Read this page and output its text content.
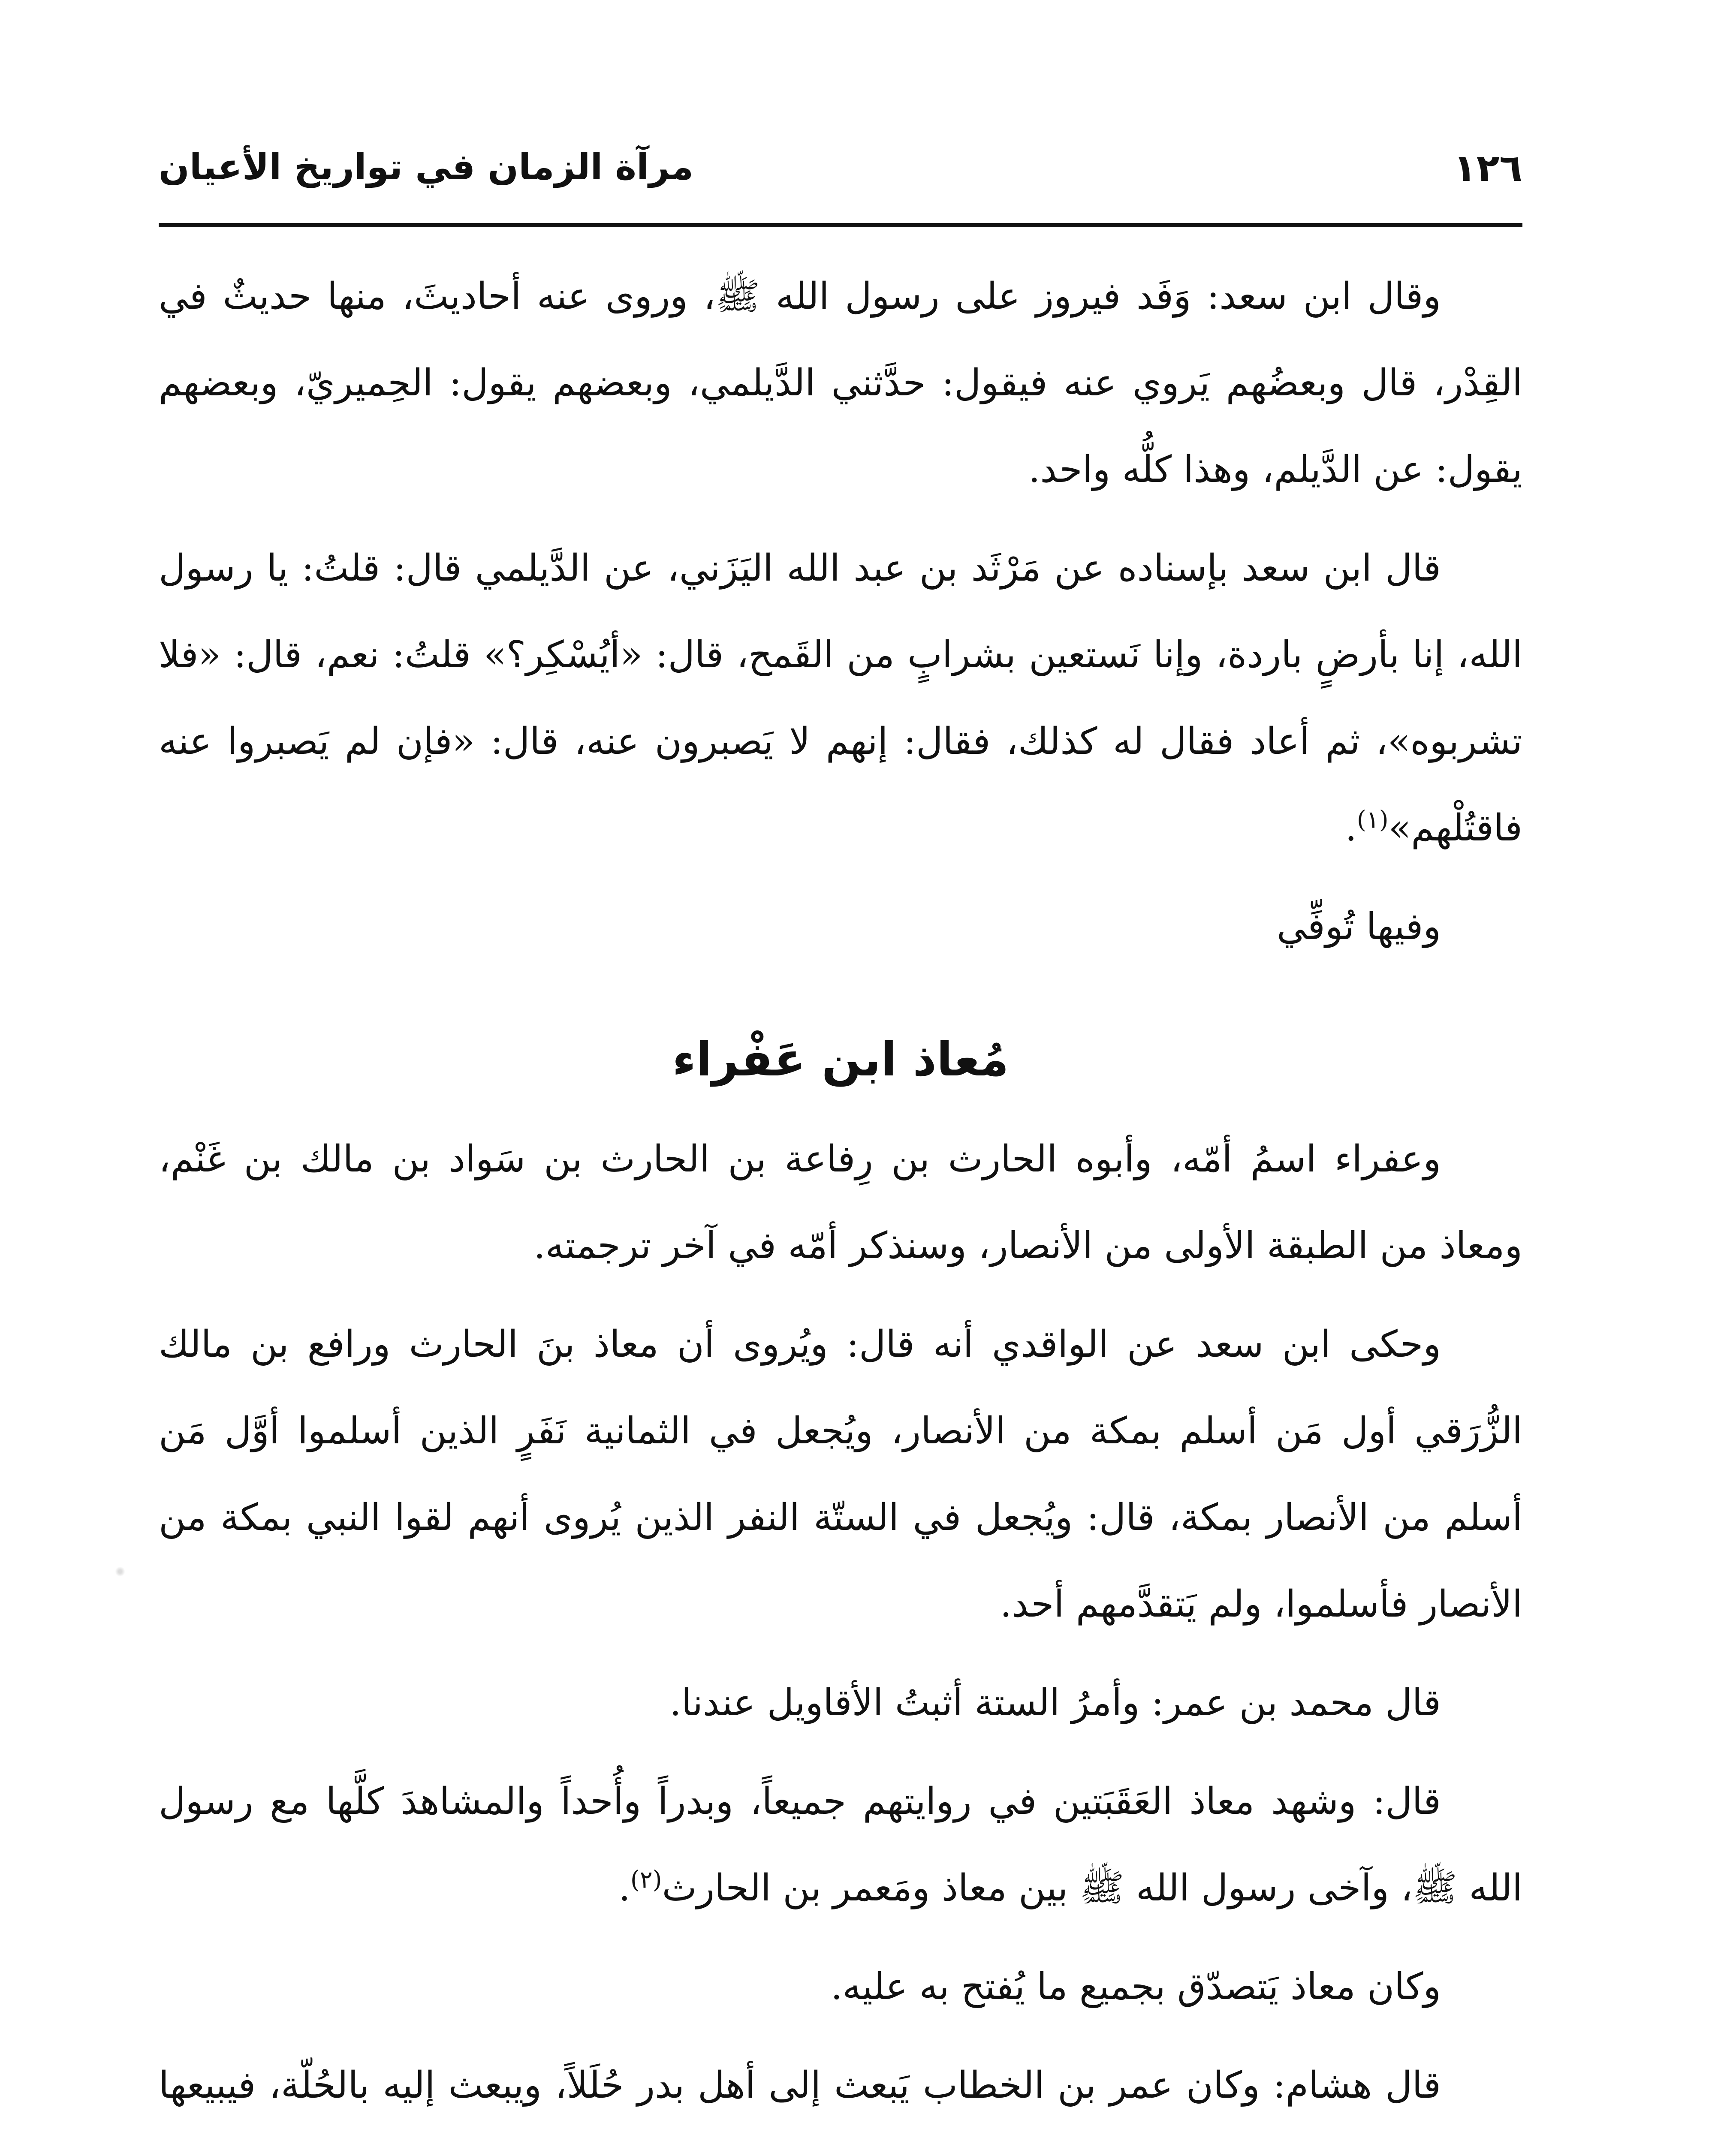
مرآة الزمان في تواريخ الأعيان	١٢٦

وقال ابن سعد: وَفَد فيروز على رسول الله ﷺ، وروى عنه أحاديثَ، منها حديثٌ في القِدْر، قال وبعضُهم يَروي عنه فيقول: حدَّثني الدَّيلمي، وبعضهم يقول: الحِميريّ، وبعضهم يقول: عن الدَّيلم، وهذا كلُّه واحد.

قال ابن سعد بإسناده عن مَرْثَد بن عبد الله اليَزَني، عن الدَّيلمي قال: قلتُ: يا رسول الله، إنا بأرضٍ باردة، وإنا نَستعين بشرابٍ من القَمح، قال: «أيُسْكِر؟» قلتُ: نعم، قال: «فلا تشربوه»، ثم أعاد فقال له كذلك، فقال: إنهم لا يَصبرون عنه، قال: «فإن لم يَصبروا عنه فاقتُلْهم»$^{(١)}$.

وفيها تُوفِّي

مُعاذ ابن عَفْراء

وعفراء اسمُ أمّه، وأبوه الحارث بن رِفاعة بن الحارث بن سَواد بن مالك بن غَنْم، ومعاذ من الطبقة الأولى من الأنصار، وسنذكر أمّه في آخر ترجمته.

وحكى ابن سعد عن الواقدي أنه قال: ويُروى أن معاذ بنَ الحارث ورافع بن مالك الزُّرَقي أول مَن أسلم بمكة من الأنصار، ويُجعل في الثمانية نَفَرٍ الذين أسلموا أوَّل مَن أسلم من الأنصار بمكة، قال: ويُجعل في الستّة النفر الذين يُروى أنهم لقوا النبي بمكة من الأنصار فأسلموا، ولم يَتقدَّمهم أحد.

قال محمد بن عمر: وأمرُ الستة أثبتُ الأقاويل عندنا.

قال: وشهد معاذ العَقَبَتين في روايتهم جميعاً، وبدراً وأُحداً والمشاهدَ كلَّها مع رسول الله ﷺ، وآخى رسول الله ﷺ بين معاذ ومَعمر بن الحارث$^{(٢)}$.

وكان معاذ يَتصدّق بجميع ما يُفتح به عليه.

قال هشام: وكان عمر بن الخطاب يَبعث إلى أهل بدر حُلَلاً، ويبعث إليه بالحُلّة، فيبيعها
